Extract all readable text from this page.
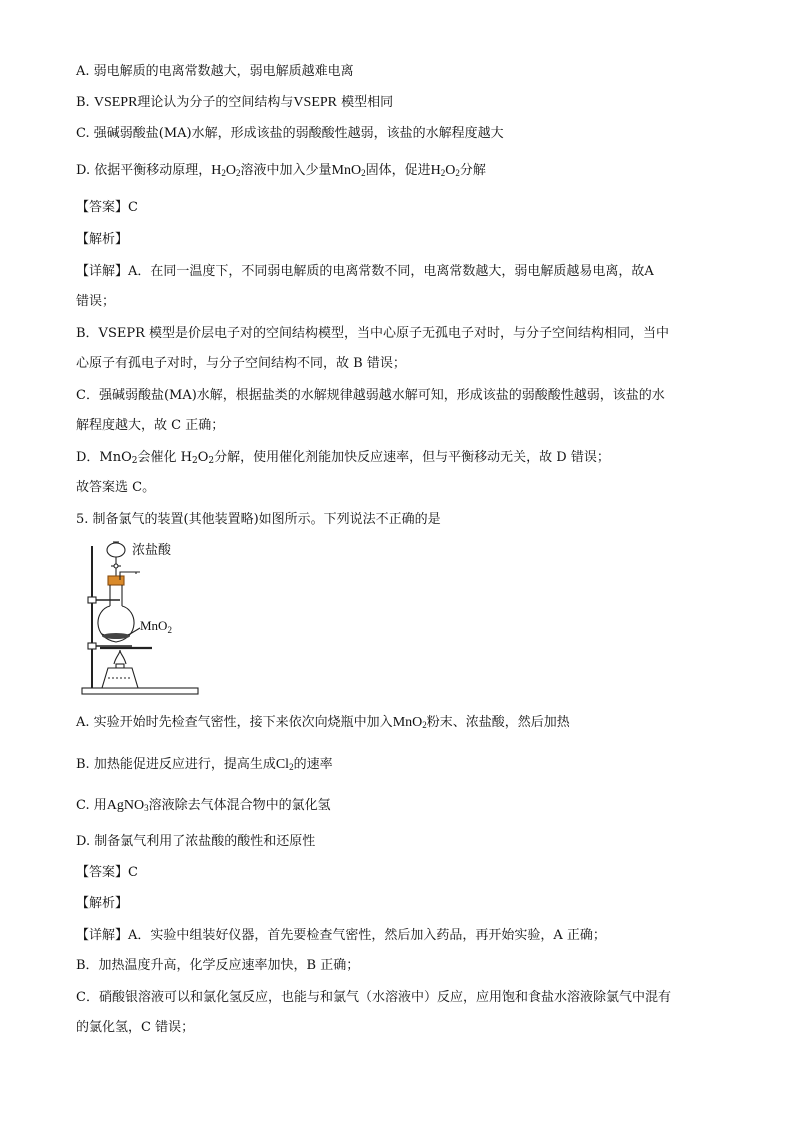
A. 弱电解质的电离常数越大，弱电解质越难电离
B. VSEPR理论认为分子的空间结构与VSEPR 模型相同
C. 强碱弱酸盐(MA)水解，形成该盐的弱酸酸性越弱，该盐的水解程度越大
D. 依据平衡移动原理，$H_2O_2$溶液中加入少量MnO$_2$固体，促进$H_2O_2$分解
【答案】C
【解析】
【详解】A．在同一温度下，不同弱电解质的电离常数不同，电离常数越大，弱电解质越易电离，故A
错误；
B．VSEPR 模型是价层电子对的空间结构模型，当中心原子无孤电子对时，与分子空间结构相同，当中
心原子有孤电子对时，与分子空间结构不同，故 B 错误；
C．强碱弱酸盐(MA)水解，根据盐类的水解规律越弱越水解可知，形成该盐的弱酸酸性越弱，该盐的水
解程度越大，故 C 正确；
D．MnO$_2$会催化 $H_2O_2$分解，使用催化剂能加快反应速率，但与平衡移动无关，故 D 错误；
故答案选 C。
5. 制备氯气的装置(其他装置略)如图所示。下列说法不正确的是
浓盐酸
MnO$_2$
A. 实验开始时先检查气密性，接下来依次向烧瓶中加入MnO$_2$粉末、浓盐酸，然后加热
B. 加热能促进反应进行，提高生成$Cl_2$的速率
C. 用AgNO$_3$溶液除去气体混合物中的氯化氢
D. 制备氯气利用了浓盐酸的酸性和还原性
【答案】C
【解析】
【详解】A．实验中组装好仪器，首先要检查气密性，然后加入药品，再开始实验，A 正确；
B．加热温度升高，化学反应速率加快，B 正确；
C．硝酸银溶液可以和氯化氢反应，也能与和氯气（水溶液中）反应，应用饱和食盐水溶液除氯气中混有
的氯化氢，C 错误；
